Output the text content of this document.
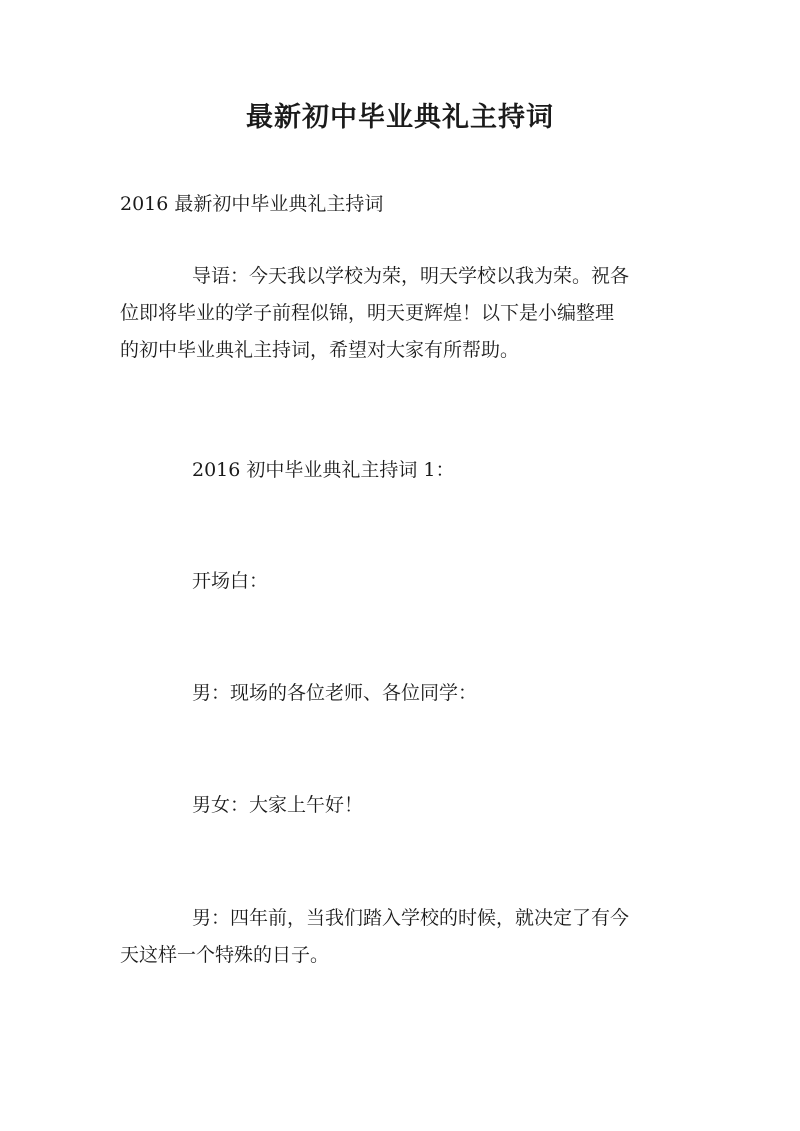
最新初中毕业典礼主持词

2016 最新初中毕业典礼主持词

导语：今天我以学校为荣，明天学校以我为荣。祝各
位即将毕业的学子前程似锦，明天更辉煌！以下是小编整理
的初中毕业典礼主持词，希望对大家有所帮助。

2016 初中毕业典礼主持词 1：

开场白：

男：现场的各位老师、各位同学：

男女：大家上午好！

男：四年前，当我们踏入学校的时候，就决定了有今
天这样一个特殊的日子。
